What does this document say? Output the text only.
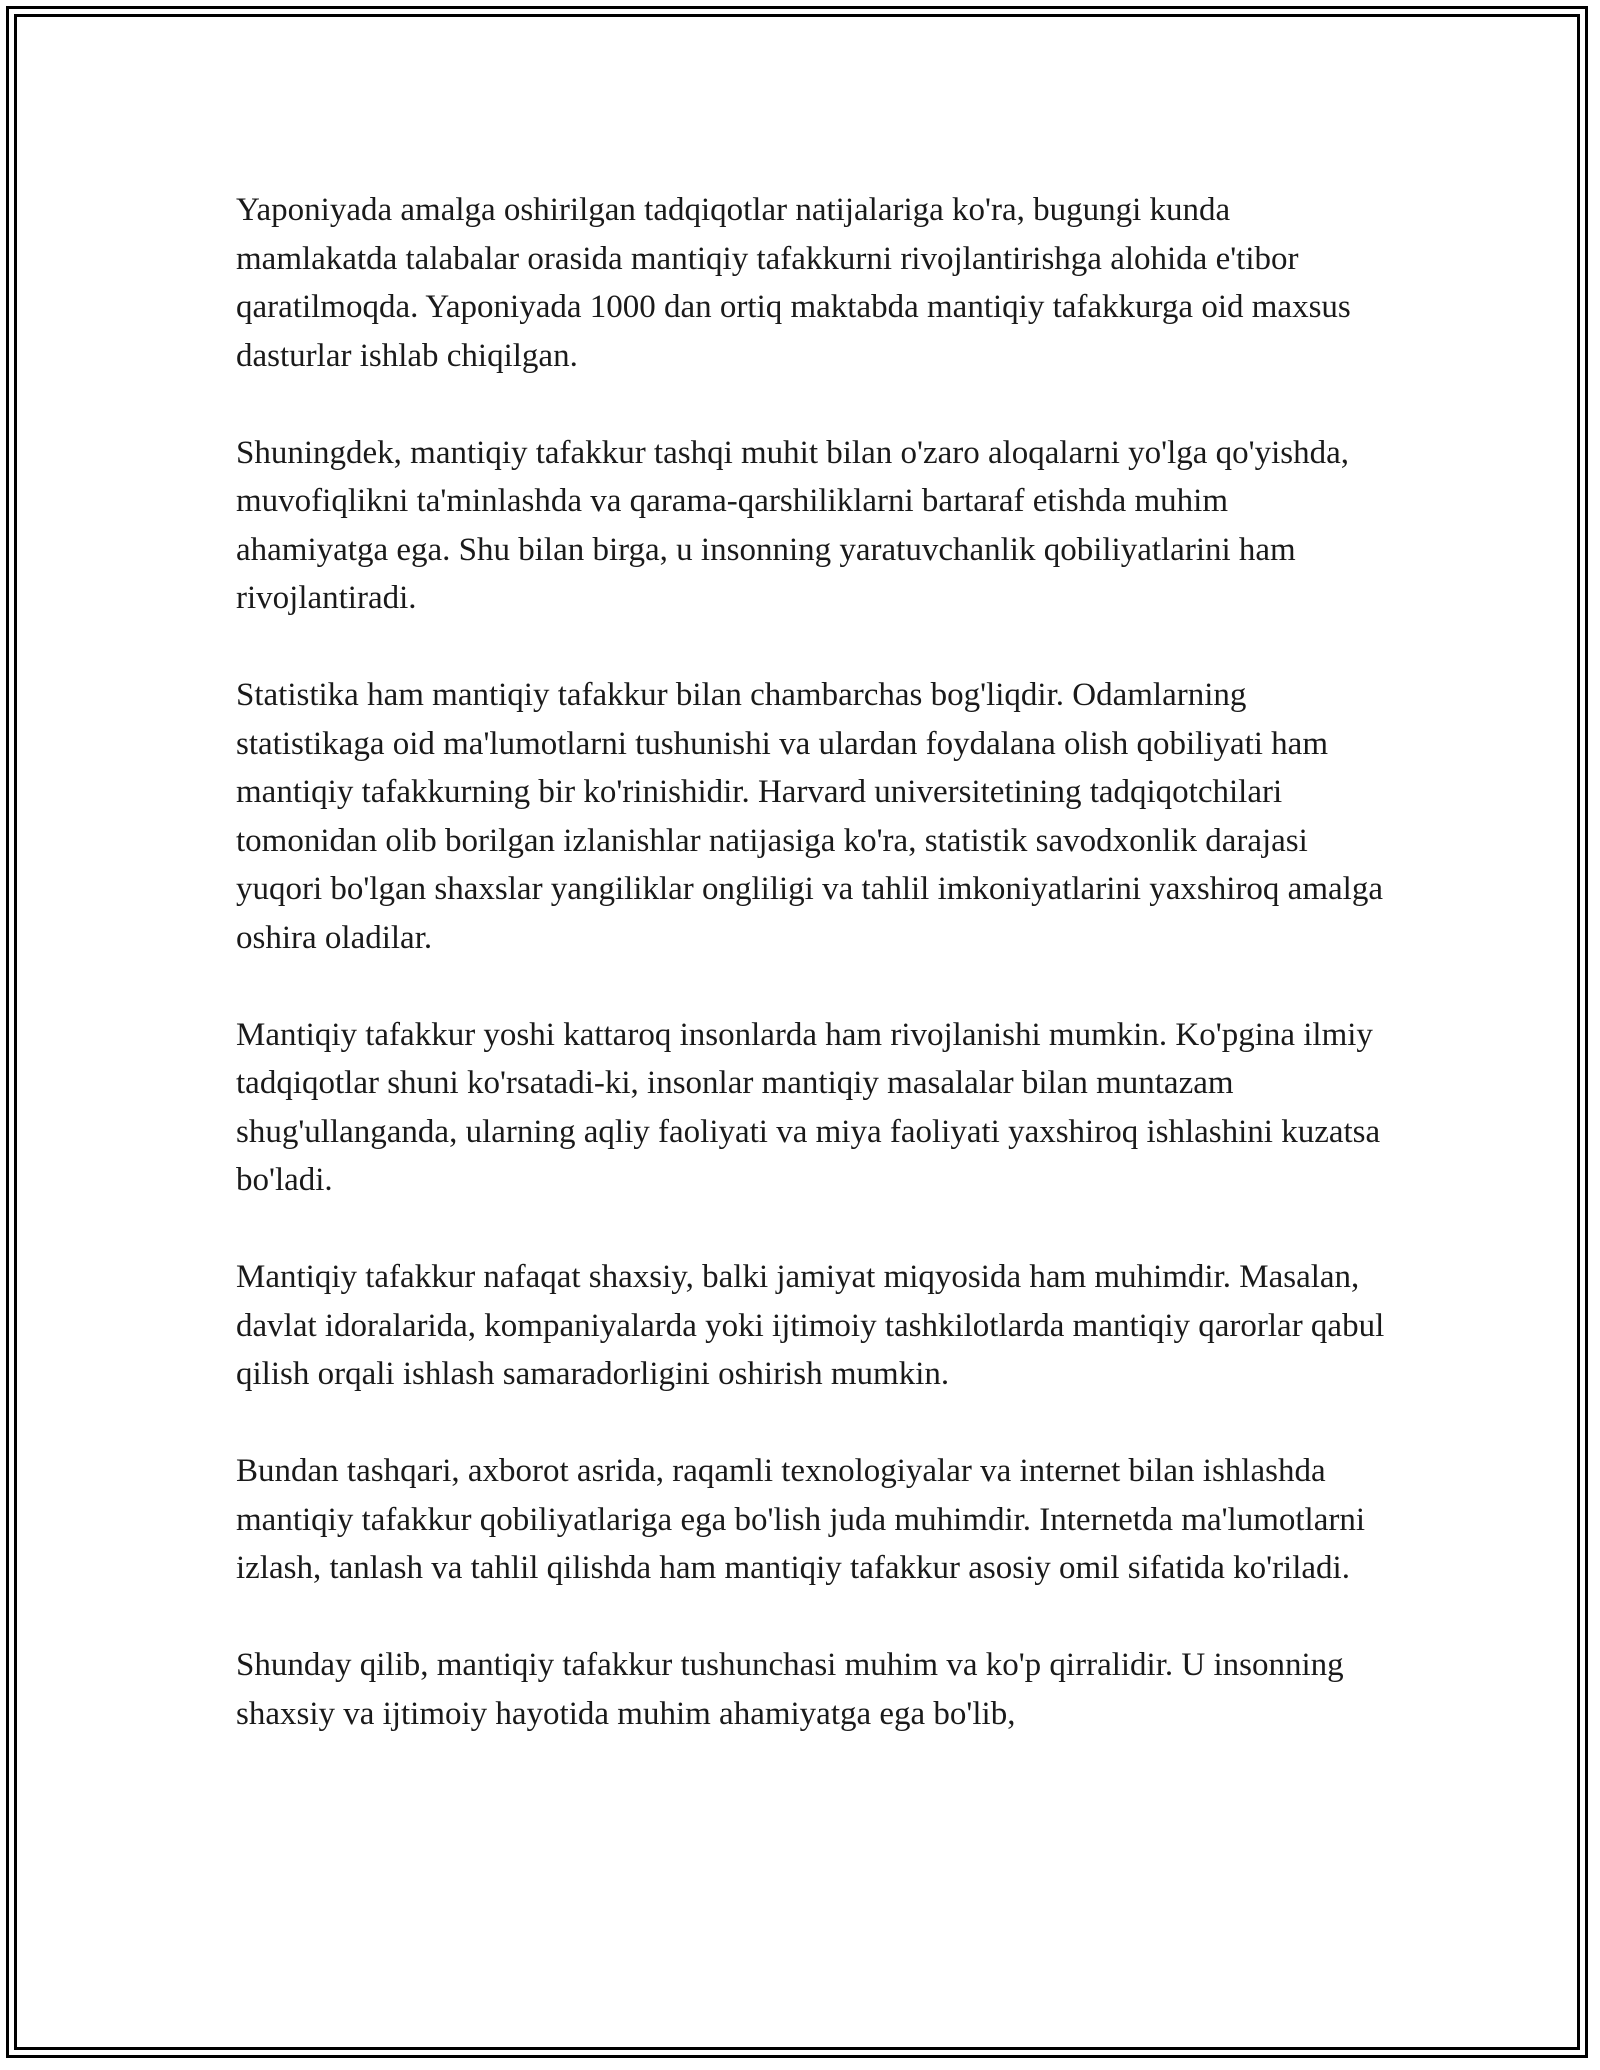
Yaponiyada amalga oshirilgan tadqiqotlar natijalariga ko'ra, bugungi kunda mamlakatda talabalar orasida mantiqiy tafakkurni rivojlantirishga alohida e'tibor qaratilmoqda. Yaponiyada 1000 dan ortiq maktabda mantiqiy tafakkurga oid maxsus dasturlar ishlab chiqilgan.

Shuningdek, mantiqiy tafakkur tashqi muhit bilan o'zaro aloqalarni yo'lga qo'yishda, muvofiqlikni ta'minlashda va qarama-qarshiliklarni bartaraf etishda muhim ahamiyatga ega. Shu bilan birga, u insonning yaratuvchanlik qobiliyatlarini ham rivojlantiradi.

Statistika ham mantiqiy tafakkur bilan chambarchas bog'liqdir. Odamlarning statistikaga oid ma'lumotlarni tushunishi va ulardan foydalana olish qobiliyati ham mantiqiy tafakkurning bir ko'rinishidir. Harvard universitetining tadqiqotchilari tomonidan olib borilgan izlanishlar natijasiga ko'ra, statistik savodxonlik darajasi yuqori bo'lgan shaxslar yangiliklar ongliligi va tahlil imkoniyatlarini yaxshiroq amalga oshira oladilar.

Mantiqiy tafakkur yoshi kattaroq insonlarda ham rivojlanishi mumkin. Ko'pgina ilmiy tadqiqotlar shuni ko'rsatadi-ki, insonlar mantiqiy masalalar bilan muntazam shug'ullanganda, ularning aqliy faoliyati va miya faoliyati yaxshiroq ishlashini kuzatsa bo'ladi.

Mantiqiy tafakkur nafaqat shaxsiy, balki jamiyat miqyosida ham muhimdir. Masalan, davlat idoralarida, kompaniyalarda yoki ijtimoiy tashkilotlarda mantiqiy qarorlar qabul qilish orqali ishlash samaradorligini oshirish mumkin.

Bundan tashqari, axborot asrida, raqamli texnologiyalar va internet bilan ishlashda mantiqiy tafakkur qobiliyatlariga ega bo'lish juda muhimdir. Internetda ma'lumotlarni izlash, tanlash va tahlil qilishda ham mantiqiy tafakkur asosiy omil sifatida ko'riladi.

Shunday qilib, mantiqiy tafakkur tushunchasi muhim va ko'p qirralidir. U insonning shaxsiy va ijtimoiy hayotida muhim ahamiyatga ega bo'lib,
